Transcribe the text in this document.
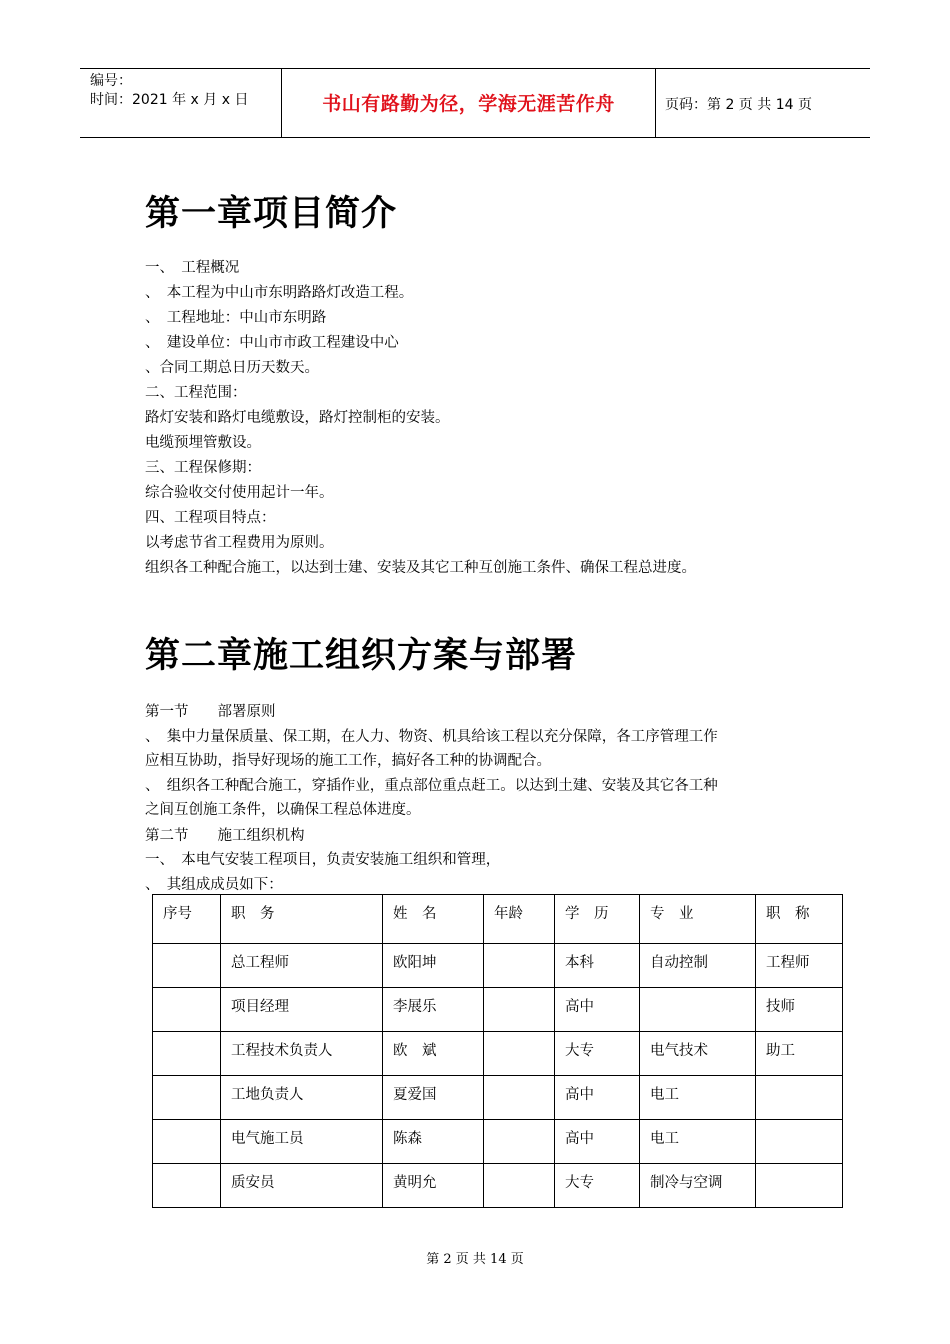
编号：
时间：2021 年 x 月 x 日	书山有路勤为径，学海无涯苦作舟	页码：第 2 页 共 14 页
第一章项目简介
一、　工程概况
、　本工程为中山市东明路路灯改造工程。
、　工程地址：中山市东明路
、　建设单位：中山市市政工程建设中心
、合同工期总日历天数天。
二、工程范围：
路灯安装和路灯电缆敷设，路灯控制柜的安装。
电缆预埋管敷设。
三、工程保修期：
综合验收交付使用起计一年。
四、工程项目特点：
以考虑节省工程费用为原则。
组织各工种配合施工，以达到士建、安装及其它工种互创施工条件、确保工程总进度。
第二章施工组织方案与部署
第一节　　部署原则
、　集中力量保质量、保工期，在人力、物资、机具给该工程以充分保障，各工序管理工作
应相互协助，指导好现场的施工工作，搞好各工种的协调配合。
、　组织各工种配合施工，穿插作业，重点部位重点赶工。以达到土建、安装及其它各工种
之间互创施工条件，以确保工程总体进度。
第二节　　施工组织机构
一、　本电气安装工程项目，负责安装施工组织和管理，
、　其组成成员如下：
序号	职　务	姓　名	年龄	学　历	专　业	职　称
	总工程师	欧阳坤		本科	自动控制	工程师
	项目经理	李展乐		高中		技师
	工程技术负责人	欧　斌		大专	电气技术	助工
	工地负责人	夏爱国		高中	电工	
	电气施工员	陈森		高中	电工	
	质安员	黄明允		大专	制冷与空调	
第 2 页 共 14 页
